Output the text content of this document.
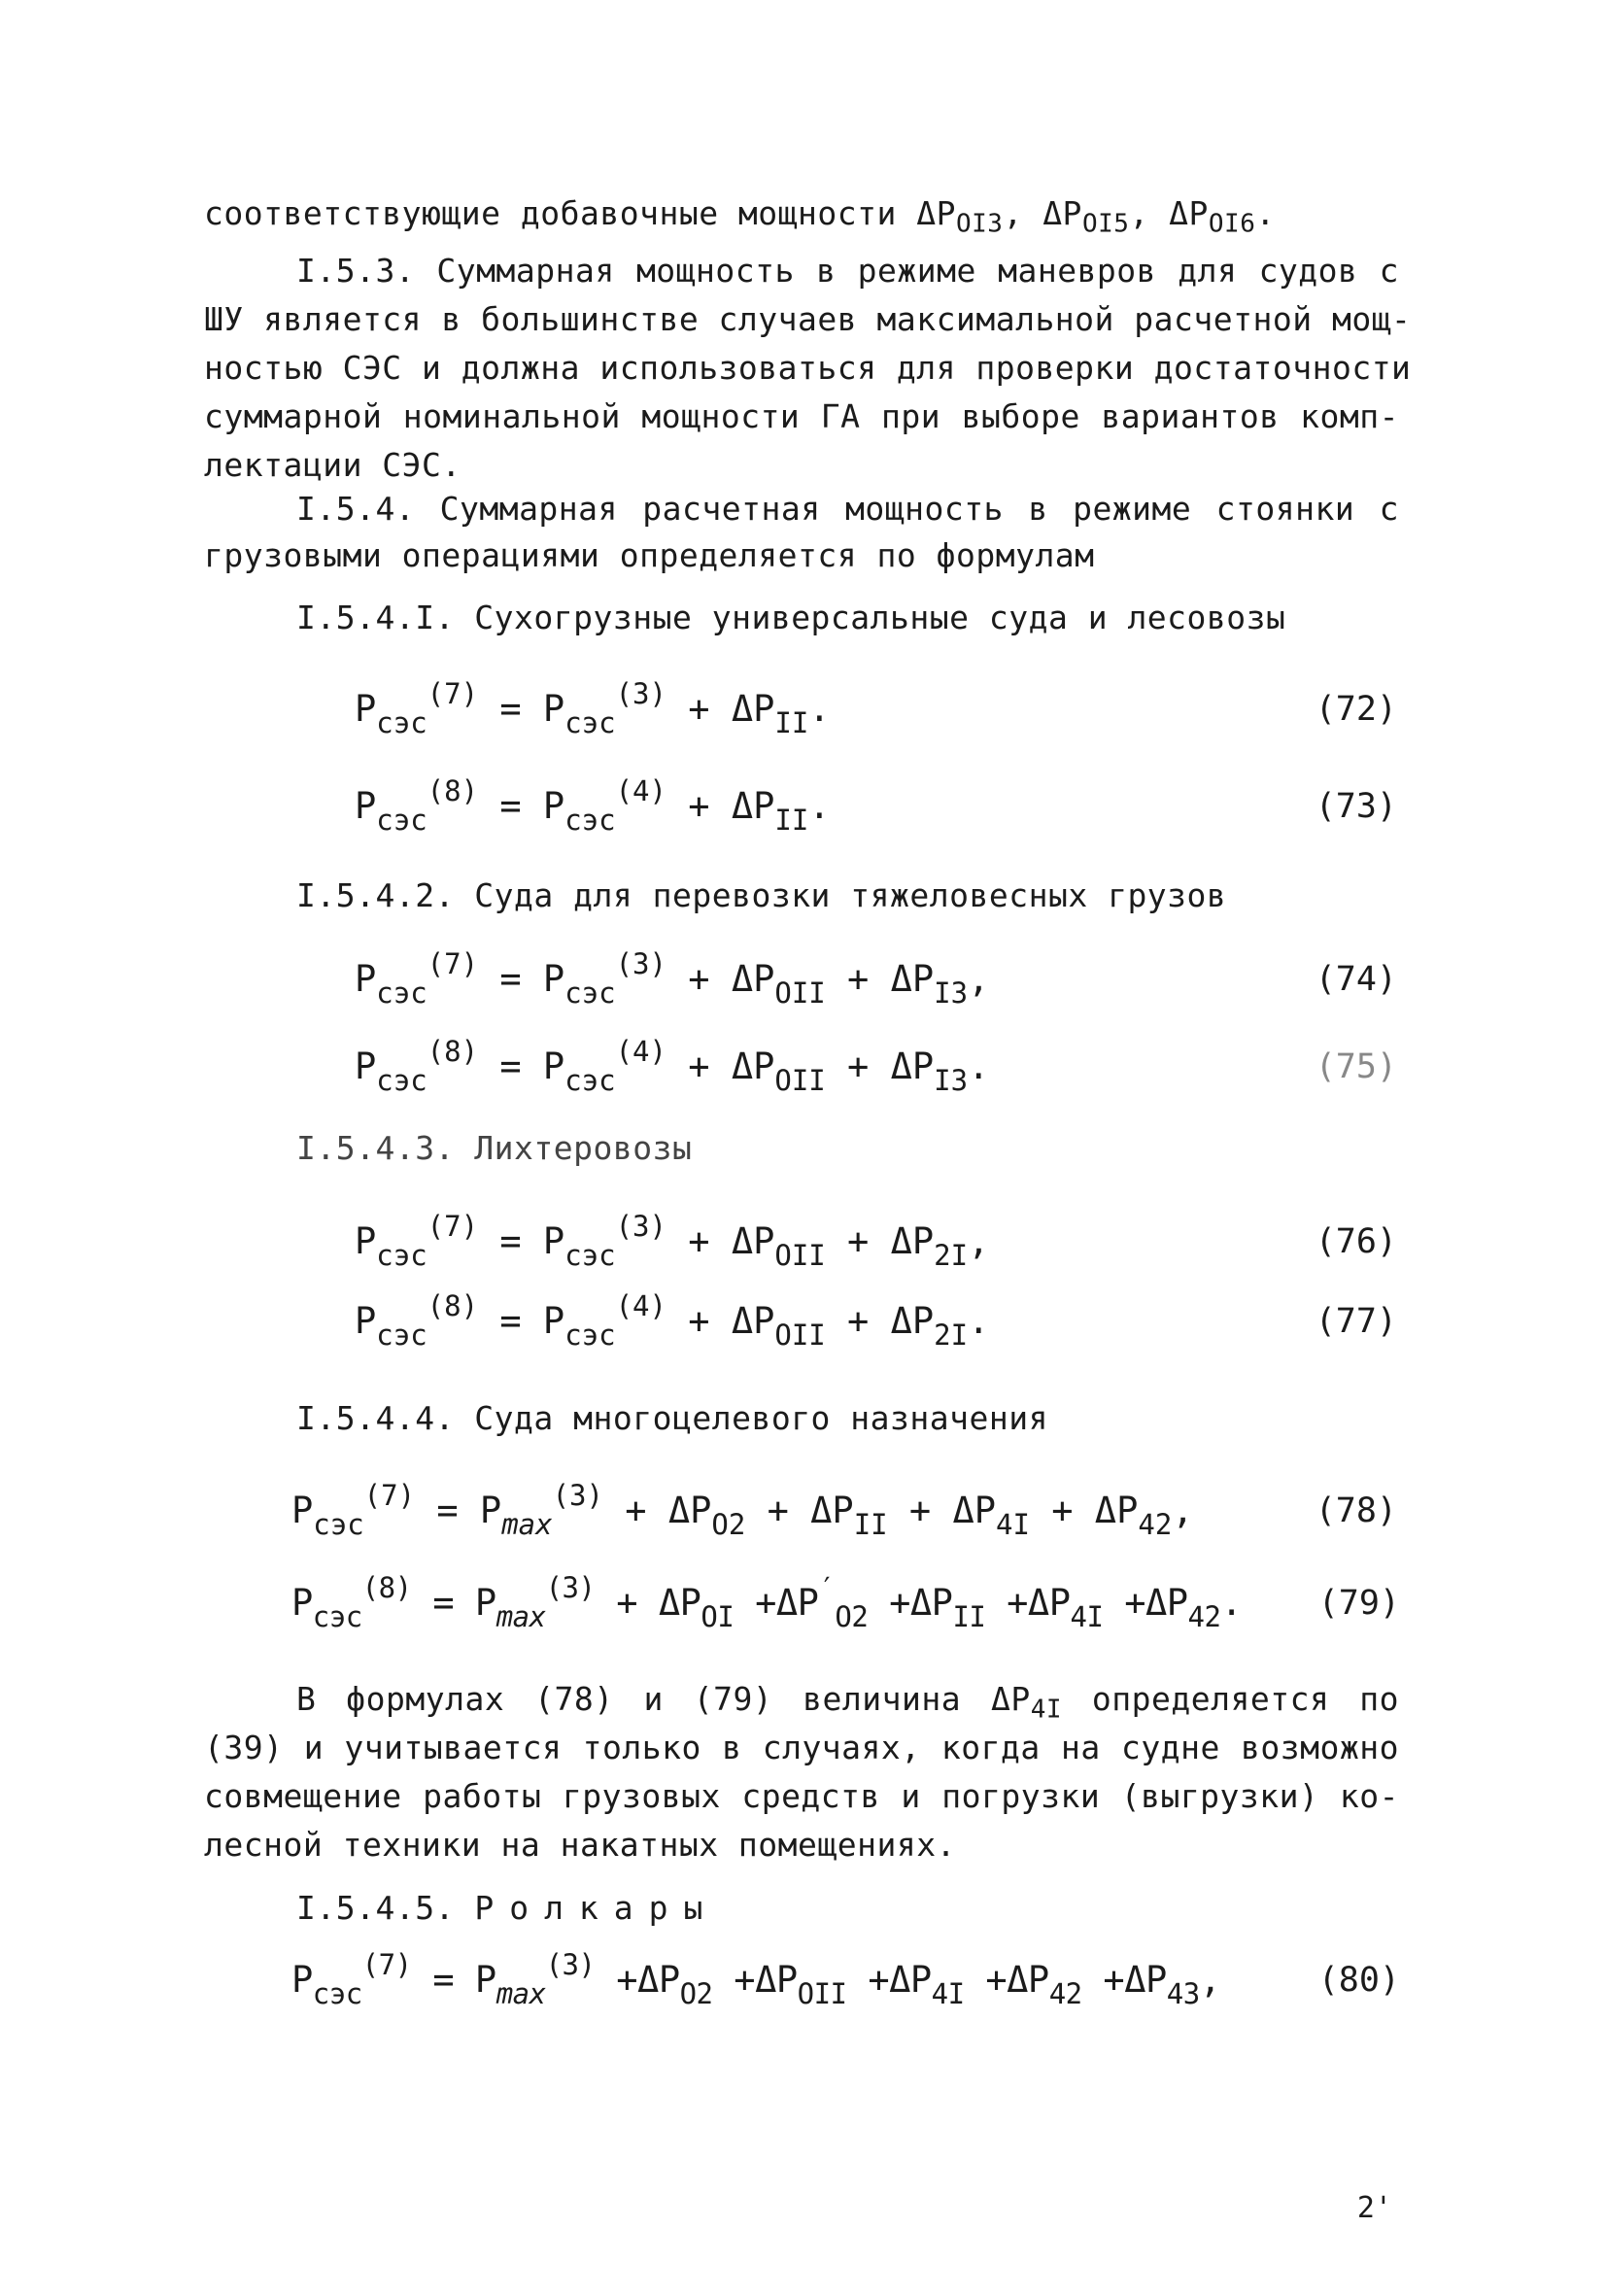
соответствующие добавочные мощности $\Delta P_{OI3}$, $\Delta P_{OI5}$, $\Delta P_{OI6}$.
I.5.3. Суммарная мощность в режиме маневров для судов с
ШУ является в большинстве случаев максимальной расчетной мощ-
ностью СЭС и должна использоваться для проверки достаточности
суммарной номинальной мощности ГА при выборе вариантов комп-
лектации СЭС.
I.5.4. Суммарная расчетная мощность в режиме стоянки с
грузовыми операциями определяется по формулам
I.5.4.I. Сухогрузные универсальные суда и лесовозы
$P_{сэс}^{(7)} = P_{сэс}^{(3)} + \Delta P_{II}$.	(72)
$P_{сэс}^{(8)} = P_{сэс}^{(4)} + \Delta P_{II}$.	(73)
I.5.4.2. Суда для перевозки тяжеловесных грузов
$P_{сэс}^{(7)} = P_{сэс}^{(3)} + \Delta P_{OII} + \Delta P_{I3}$,	(74)
$P_{сэс}^{(8)} = P_{сэс}^{(4)} + \Delta P_{OII} + \Delta P_{I3}$.	(75)
I.5.4.3. Лихтеровозы
$P_{сэс}^{(7)} = P_{сэс}^{(3)} + \Delta P_{OII} + \Delta P_{2I}$,	(76)
$P_{сэс}^{(8)} = P_{сэс}^{(4)} + \Delta P_{OII} + \Delta P_{2I}$.	(77)
I.5.4.4. Суда многоцелевого назначения
$P_{сэс}^{(7)} = P_{max}^{(3)} + \Delta P_{O2} + \Delta P_{II} + \Delta P_{4I} + \Delta P_{42}$,	(78)
$P_{сэс}^{(8)} = P_{max}^{(3)} + \Delta P_{OI} +\Delta P'_{O2} +\Delta P_{II} +\Delta P_{4I} +\Delta P_{42}$. (79)
В формулах (78) и (79) величина $\Delta P_{4I}$ определяется по
(39) и учитывается только в случаях, когда на судне возможно
совмещение работы грузовых средств и погрузки (выгрузки) ко-
лесной техники на накатных помещениях.
I.5.4.5. Ролкары
$P_{сэс}^{(7)} = P_{max}^{(3)} +\Delta P_{O2} +\Delta P_{OII} +\Delta P_{4I} +\Delta P_{42} +\Delta P_{43}$,	(80)
2'
